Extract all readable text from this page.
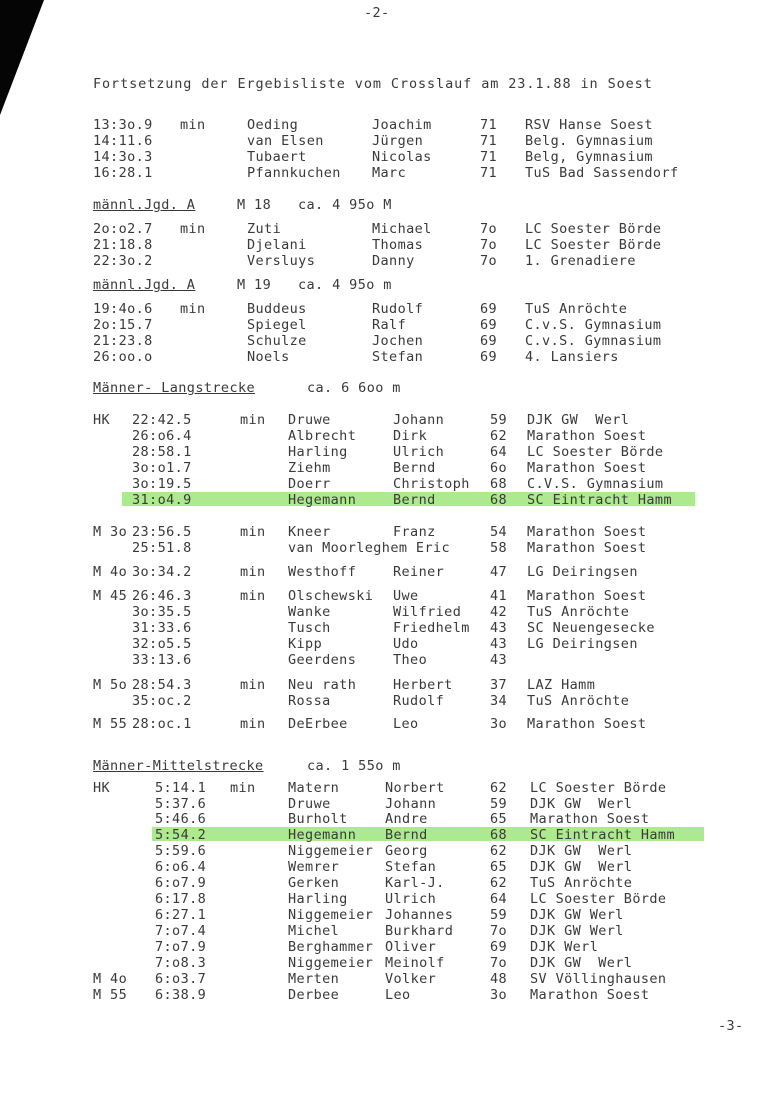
-2-
Fortsetzung der Ergebisliste vom Crosslauf am 23.1.88 in Soest
13:3o.9 min	Oeding	Joachim	71 RSV Hanse Soest
14:11.6	van Elsen	Jürgen	71 Belg. Gymnasium
14:3o.3	Tubaert	Nicolas	71 Belg, Gymnasium
16:28.1	Pfannkuchen Marc	71 TuS Bad Sassendorf
männl.Jgd. A	M 18 ca. 4 95o M
2o:o2.7 min	Zuti	Michael	7o LC Soester Börde
21:18.8	Djelani	Thomas	7o LC Soester Börde
22:3o.2	Versluys	Danny	7o 1. Grenadiere
männl.Jgd. A	M 19 ca. 4 95o m
19:4o.6 min	Buddeus	Rudolf	69 TuS Anröchte
2o:15.7	Spiegel	Ralf	69 C.v.S. Gymnasium
21:23.8	Schulze	Jochen	69 C.v.S. Gymnasium
26:oo.o	Noels	Stefan	69 4. Lansiers
Männer- Langstrecke	ca. 6 6oo m
HK 22:42.5	min Druwe	Johann	59 DJK GW  Werl
26:o6.4	Albrecht	Dirk	62 Marathon Soest
28:58.1	Harling	Ulrich	64 LC Soester Börde
3o:o1.7	Ziehm	Bernd	6o Marathon Soest
3o:19.5	Doerr	Christoph 68 C.V.S. Gymnasium
31:o4.9	Hegemann	Bernd	68 SC Eintracht Hamm
M 3o 23:56.5	min Kneer	Franz	54 Marathon Soest
25:51.8	van Moorleghem Eric	58 Marathon Soest
M 4o 3o:34.2	min Westhoff	Reiner	47 LG Deiringsen
M 45 26:46.3	min Olschewski Uwe	41 Marathon Soest
3o:35.5	Wanke	Wilfried 42 TuS Anröchte
31:33.6	Tusch	Friedhelm 43 SC Neuengesecke
32:o5.5	Kipp	Udo	43 LG Deiringsen
33:13.6	Geerdens	Theo	43
M 5o 28:54.3	min Neu rath	Herbert	37 LAZ Hamm
35:oc.2	Rossa	Rudolf	34 TuS Anröchte
M 55 28:oc.1	min DeErbee	Leo	3o Marathon Soest
Männer-Mittelstrecke	ca. 1 55o m
HK	5:14.1 min Matern	Norbert	62 LC Soester Börde
5:37.6	Druwe	Johann	59 DJK GW  Werl
5:46.6	Burholt	Andre	65 Marathon Soest
5:54.2	Hegemann Bernd	68 SC Eintracht Hamm
5:59.6	Niggemeier Georg	62 DJK GW  Werl
6:o6.4	Wemrer	Stefan	65 DJK GW  Werl
6:o7.9	Gerken	Karl-J.	62 TuS Anröchte
6:17.8	Harling	Ulrich	64 LC Soester Börde
6:27.1	Niggemeier Johannes	59 DJK GW Werl
7:o7.4	Michel	Burkhard	7o DJK GW Werl
7:o7.9	Berghammer Oliver	69 DJK Werl
7:o8.3	Niggemeier Meinolf	7o DJK GW  Werl
M 4o 6:o3.7	Merten	Volker	48 SV Völlinghausen
M 55 6:38.9	Derbee	Leo	3o Marathon Soest
-3-
